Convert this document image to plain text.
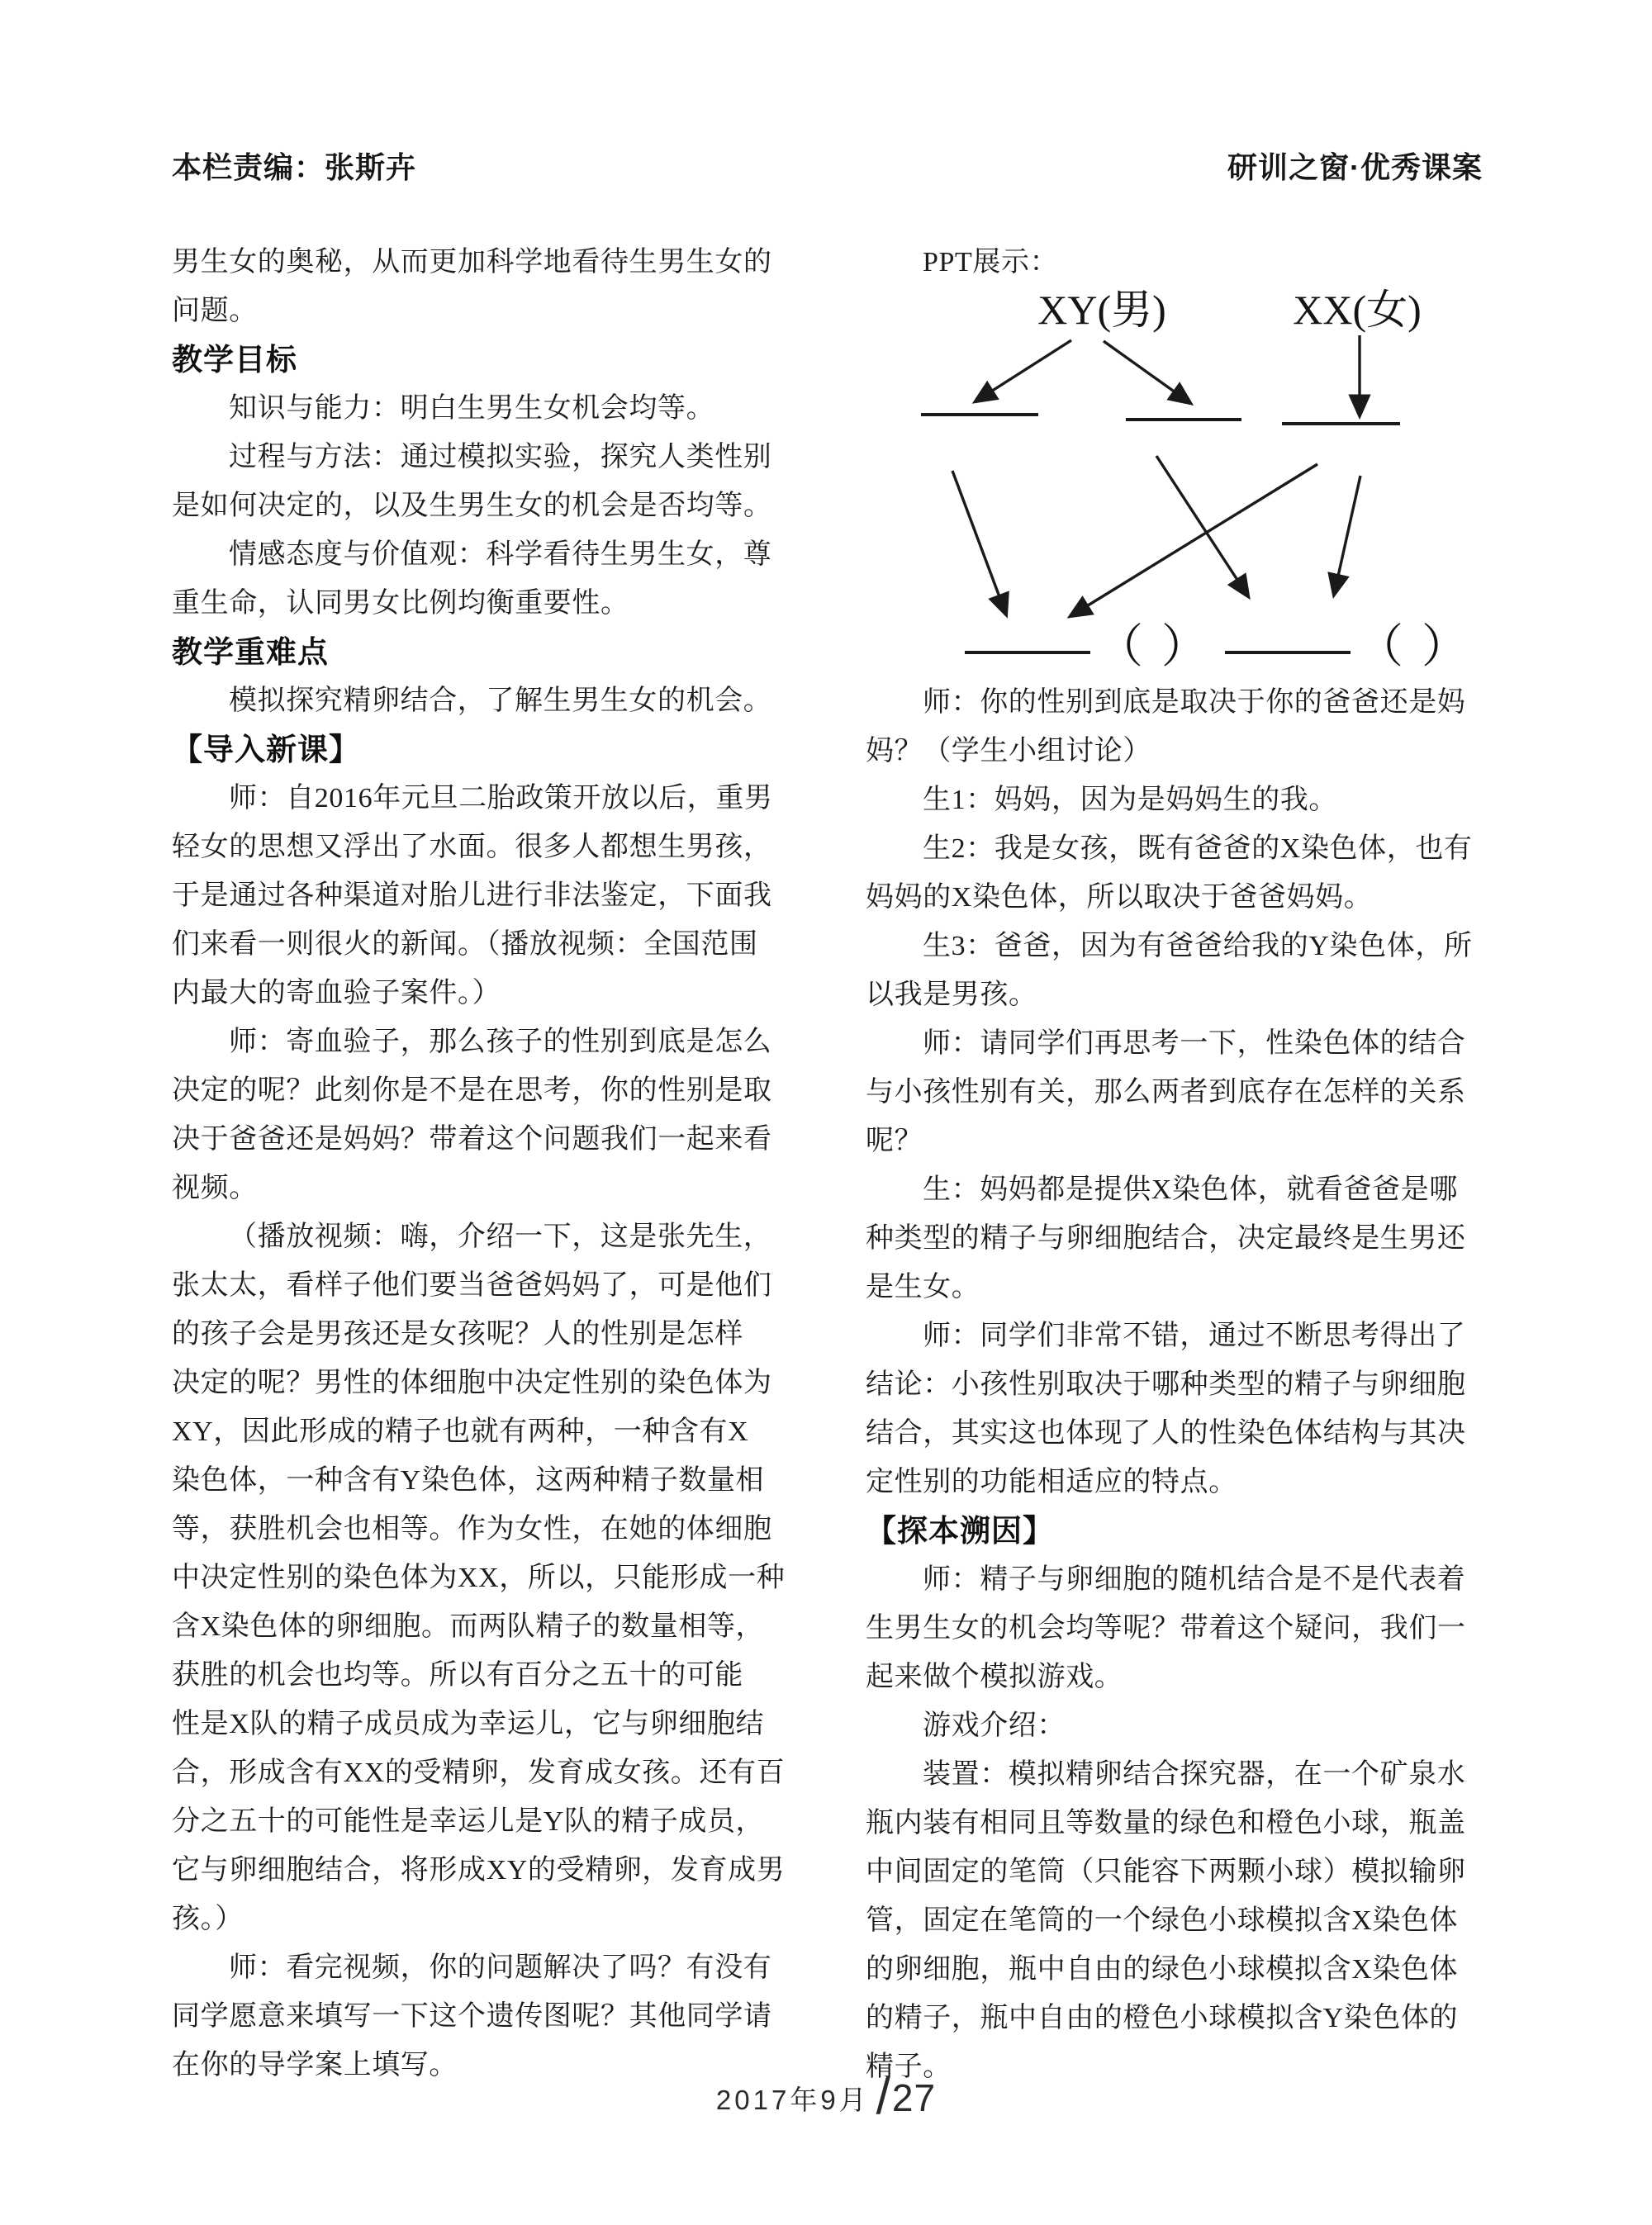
本栏责编：张斯卉	研训之窗·优秀课案
男生女的奥秘，从而更加科学地看待生男生女的
问题。
教学目标
知识与能力：明白生男生女机会均等。
过程与方法：通过模拟实验，探究人类性别
是如何决定的，以及生男生女的机会是否均等。
情感态度与价值观：科学看待生男生女，尊
重生命，认同男女比例均衡重要性。
教学重难点
模拟探究精卵结合，了解生男生女的机会。
【导入新课】
师：自2016年元旦二胎政策开放以后，重男
轻女的思想又浮出了水面。很多人都想生男孩，
于是通过各种渠道对胎儿进行非法鉴定，下面我
们来看一则很火的新闻。（播放视频：全国范围
内最大的寄血验子案件。）
师：寄血验子，那么孩子的性别到底是怎么
决定的呢？此刻你是不是在思考，你的性别是取
决于爸爸还是妈妈？带着这个问题我们一起来看
视频。
（播放视频：嗨，介绍一下，这是张先生，
张太太，看样子他们要当爸爸妈妈了，可是他们
的孩子会是男孩还是女孩呢？人的性别是怎样
决定的呢？男性的体细胞中决定性别的染色体为
XY，因此形成的精子也就有两种，一种含有X
染色体，一种含有Y染色体，这两种精子数量相
等，获胜机会也相等。作为女性，在她的体细胞
中决定性别的染色体为XX，所以，只能形成一种
含X染色体的卵细胞。而两队精子的数量相等，
获胜的机会也均等。所以有百分之五十的可能
性是X队的精子成员成为幸运儿，它与卵细胞结
合，形成含有XX的受精卵，发育成女孩。还有百
分之五十的可能性是幸运儿是Y队的精子成员，
它与卵细胞结合，将形成XY的受精卵，发育成男
孩。）
师：看完视频，你的问题解决了吗？有没有
同学愿意来填写一下这个遗传图呢？其他同学请
在你的导学案上填写。
师：你的性别到底是取决于你的爸爸还是妈
妈？（学生小组讨论）
生1：妈妈，因为是妈妈生的我。
生2：我是女孩，既有爸爸的X染色体，也有
妈妈的X染色体，所以取决于爸爸妈妈。
生3：爸爸，因为有爸爸给我的Y染色体，所
以我是男孩。
师：请同学们再思考一下，性染色体的结合
与小孩性别有关，那么两者到底存在怎样的关系
呢？
生：妈妈都是提供X染色体，就看爸爸是哪
种类型的精子与卵细胞结合，决定最终是生男还
是生女。
师：同学们非常不错，通过不断思考得出了
结论：小孩性别取决于哪种类型的精子与卵细胞
结合，其实这也体现了人的性染色体结构与其决
定性别的功能相适应的特点。
【探本溯因】
师：精子与卵细胞的随机结合是不是代表着
生男生女的机会均等呢？带着这个疑问，我们一
起来做个模拟游戏。
游戏介绍：
装置：模拟精卵结合探究器，在一个矿泉水
瓶内装有相同且等数量的绿色和橙色小球，瓶盖
中间固定的笔筒（只能容下两颗小球）模拟输卵
管，固定在笔筒的一个绿色小球模拟含X染色体
的卵细胞，瓶中自由的绿色小球模拟含X染色体
的精子，瓶中自由的橙色小球模拟含Y染色体的
精子。
PPT展示：
XY(男)	XX(女)
（ ）	（ ）
2017年9月 / 27
